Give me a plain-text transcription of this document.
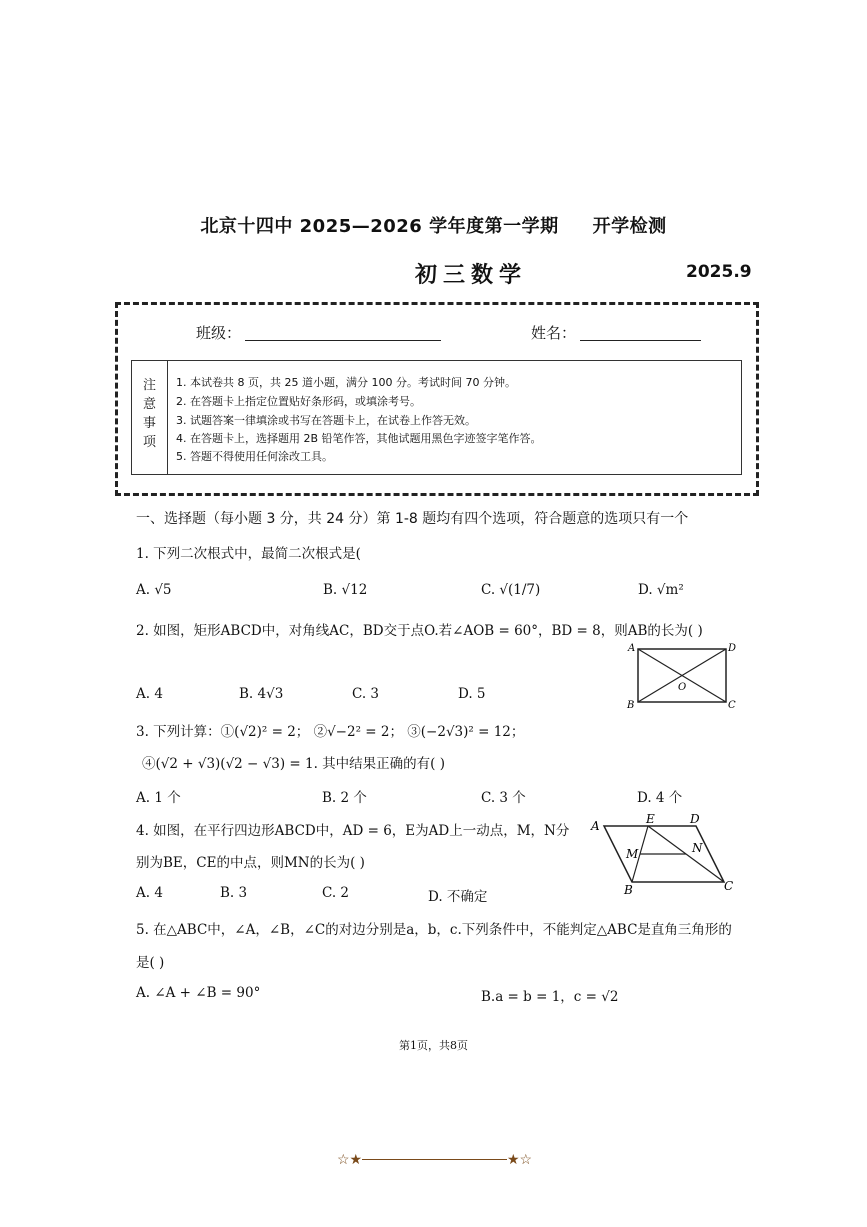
北京十四中 2025—2026 学年度第一学期 开学检测
初三数学	2025.9
班级：	姓名：
注
意
事
项
1. 本试卷共 8 页，共 25 道小题，满分 100 分。考试时间 70 分钟。
2. 在答题卡上指定位置贴好条形码，或填涂考号。
3. 试题答案一律填涂或书写在答题卡上，在试卷上作答无效。
4. 在答题卡上，选择题用 2B 铅笔作答，其他试题用黑色字迹签字笔作答。
5. 答题不得使用任何涂改工具。
一、选择题（每小题 3 分，共 24 分）第 1-8 题均有四个选项，符合题意的选项只有一个
1. 下列二次根式中，最简二次根式是(
A. √5	B. √12	C. √(1/7)	D. √m²
2. 如图，矩形ABCD中，对角线AC，BD交于点O.若∠AOB = 60°，BD = 8，则AB的长为( )
A	D
B	C
O
A. 4	B. 4√3	C. 3	D. 5
3. 下列计算：①(√2)² = 2； ②√−2² = 2； ③(−2√3)² = 12；
④(√2 + √3)(√2 − √3) = 1. 其中结果正确的有( )
A. 1 个	B. 2 个	C. 3 个	D. 4 个
4. 如图，在平行四边形ABCD中，AD = 6，E为AD上一动点，M，N分
别为BE，CE的中点，则MN的长为( )
A	E	D
M	N
B	C
A. 4	B. 3	C. 2	D. 不确定
5. 在△ABC中，∠A，∠B，∠C的对边分别是a，b，c.下列条件中，不能判定△ABC是直角三角形的
是( )
A. ∠A + ∠B = 90°	B.a = b = 1，c = √2
第1页，共8页
☆★	★☆
